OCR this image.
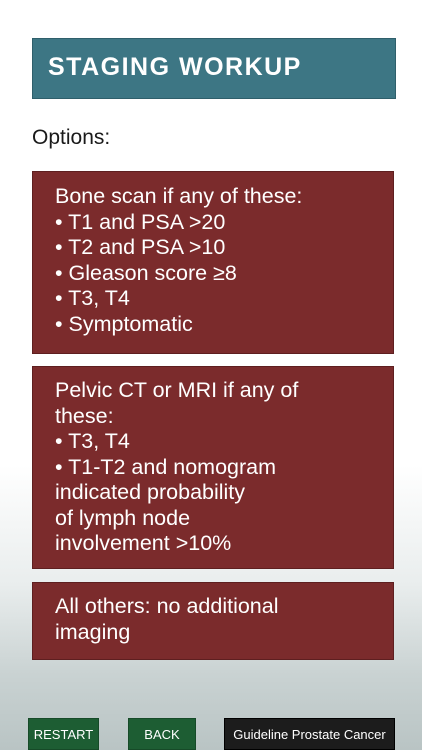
STAGING WORKUP
Options:
Bone scan if any of these:
• T1 and PSA >20
• T2 and PSA >10
• Gleason score ≥8
• T3, T4
• Symptomatic
Pelvic CT or MRI if any of
these:
• T3, T4
• T1-T2 and nomogram
indicated probability
of lymph node
involvement >10%
All others: no additional
imaging
RESTART	BACK	Guideline Prostate Cancer
